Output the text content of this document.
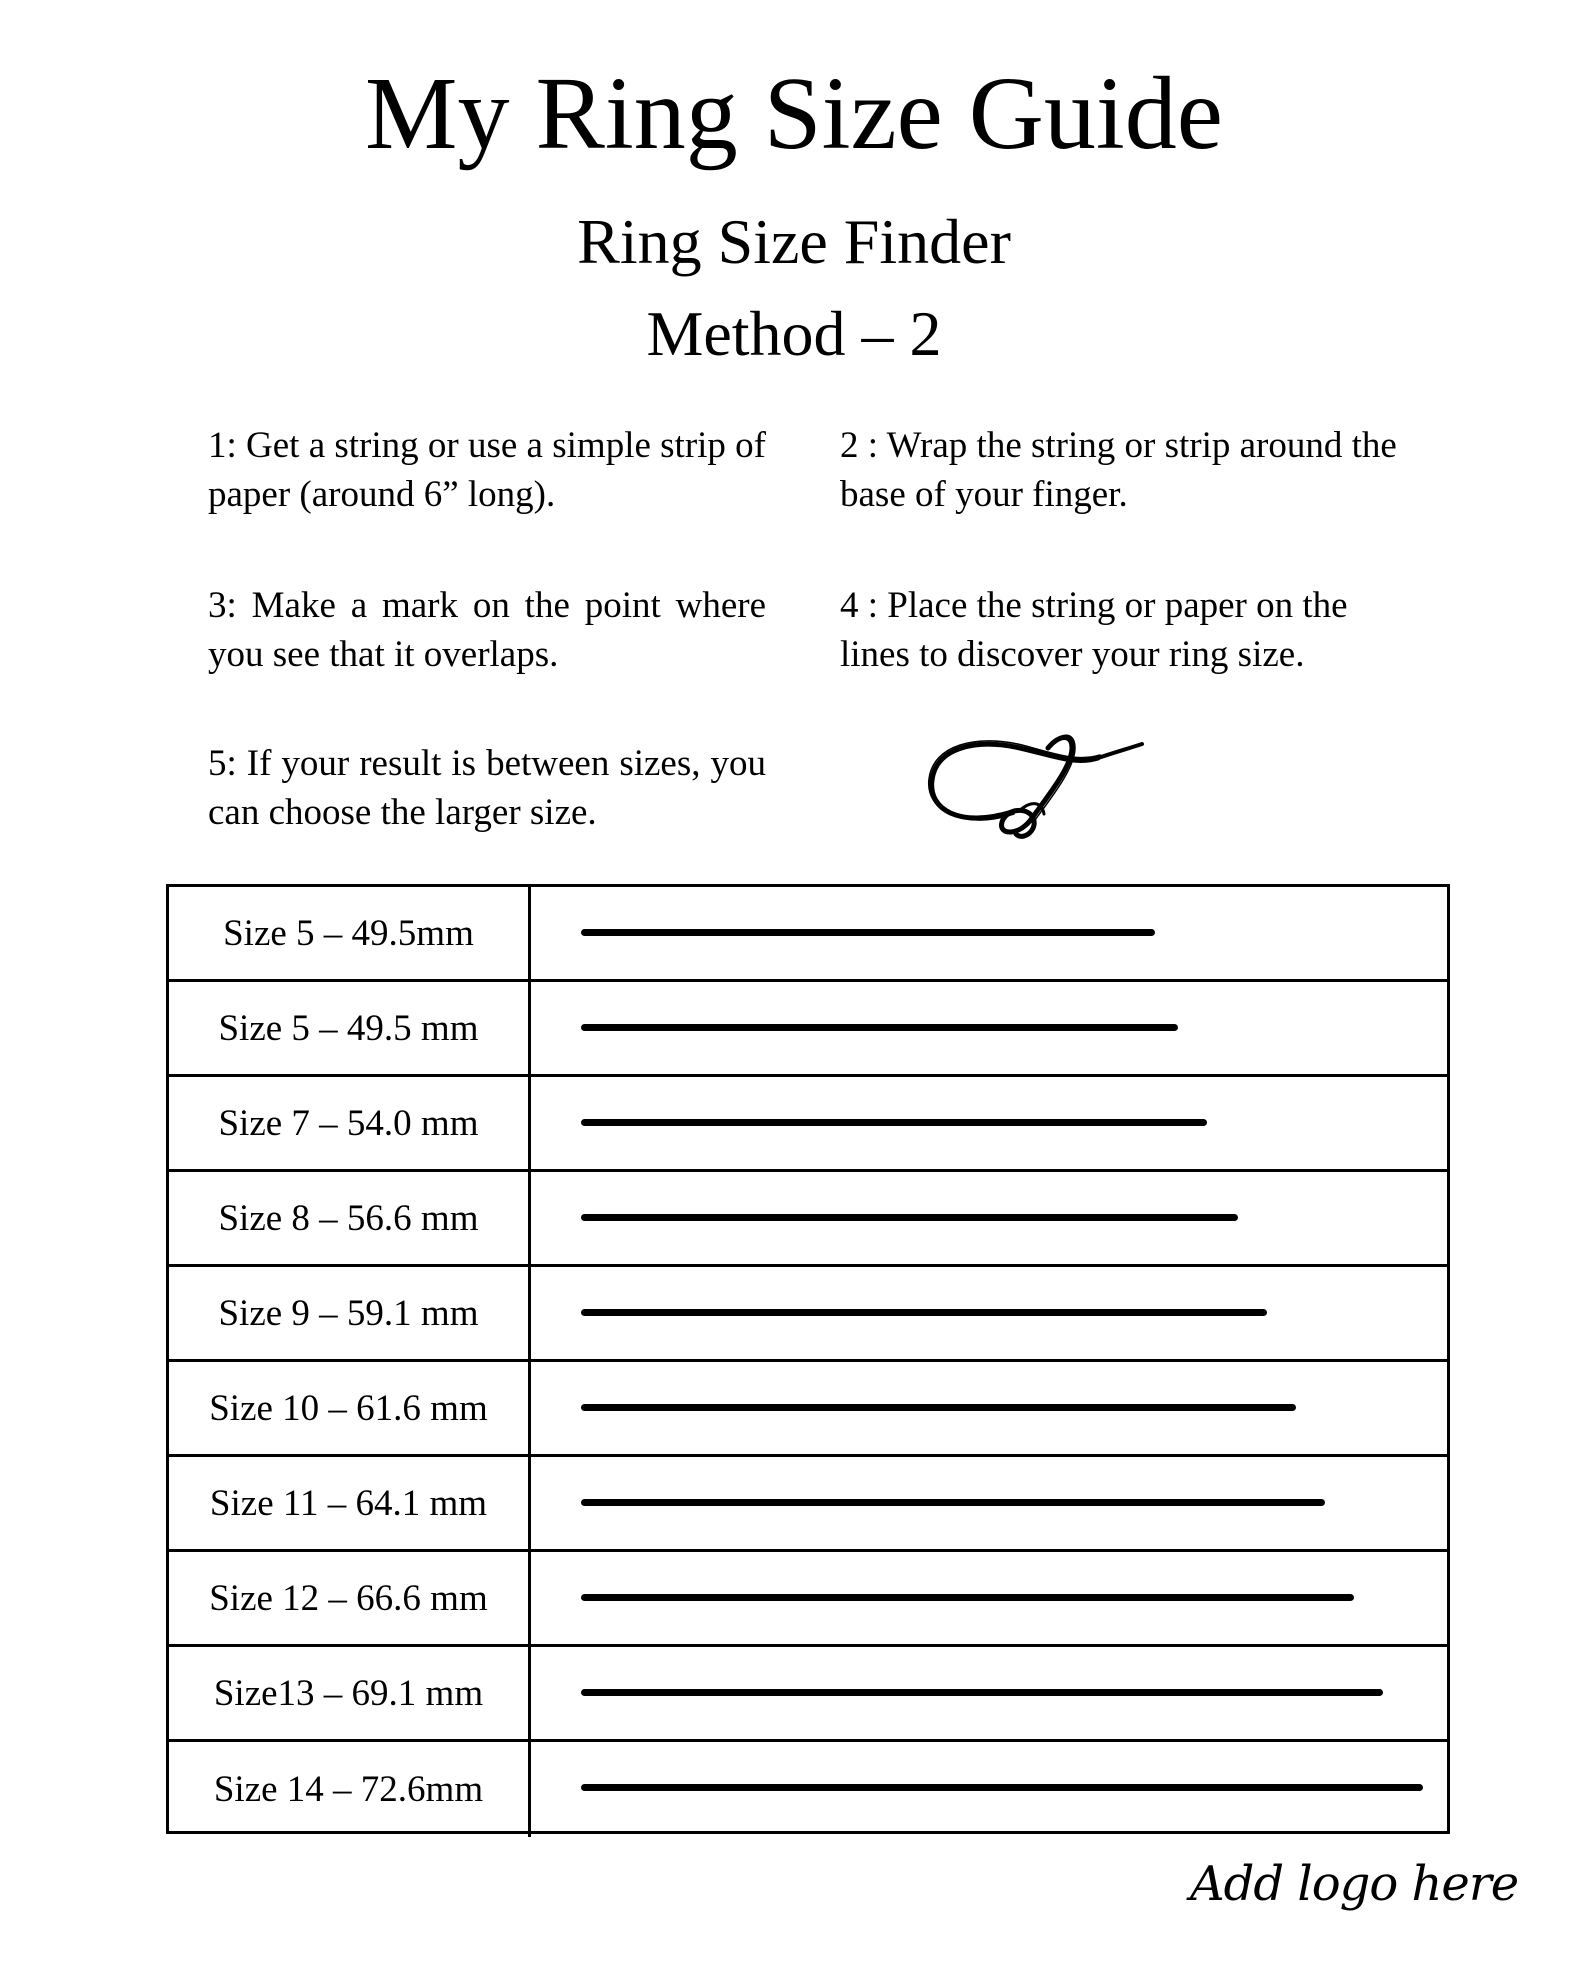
My Ring Size Guide
Ring Size Finder
Method – 2

1: Get a string or use a simple strip of paper (around 6” long).

2 : Wrap the string or strip around the base of your finger.

3: Make a mark on the point where you see that it overlaps.

4 : Place the string or paper on the lines to discover your ring size.

5: If your result is between sizes, you can choose the larger size.

Size 5 – 49.5mm
Size 5 – 49.5 mm
Size 7 – 54.0 mm
Size 8 – 56.6 mm
Size 9 – 59.1 mm
Size 10 – 61.6 mm
Size 11 – 64.1 mm
Size 12 – 66.6 mm
Size13 – 69.1 mm
Size 14 – 72.6mm
Add logo here
